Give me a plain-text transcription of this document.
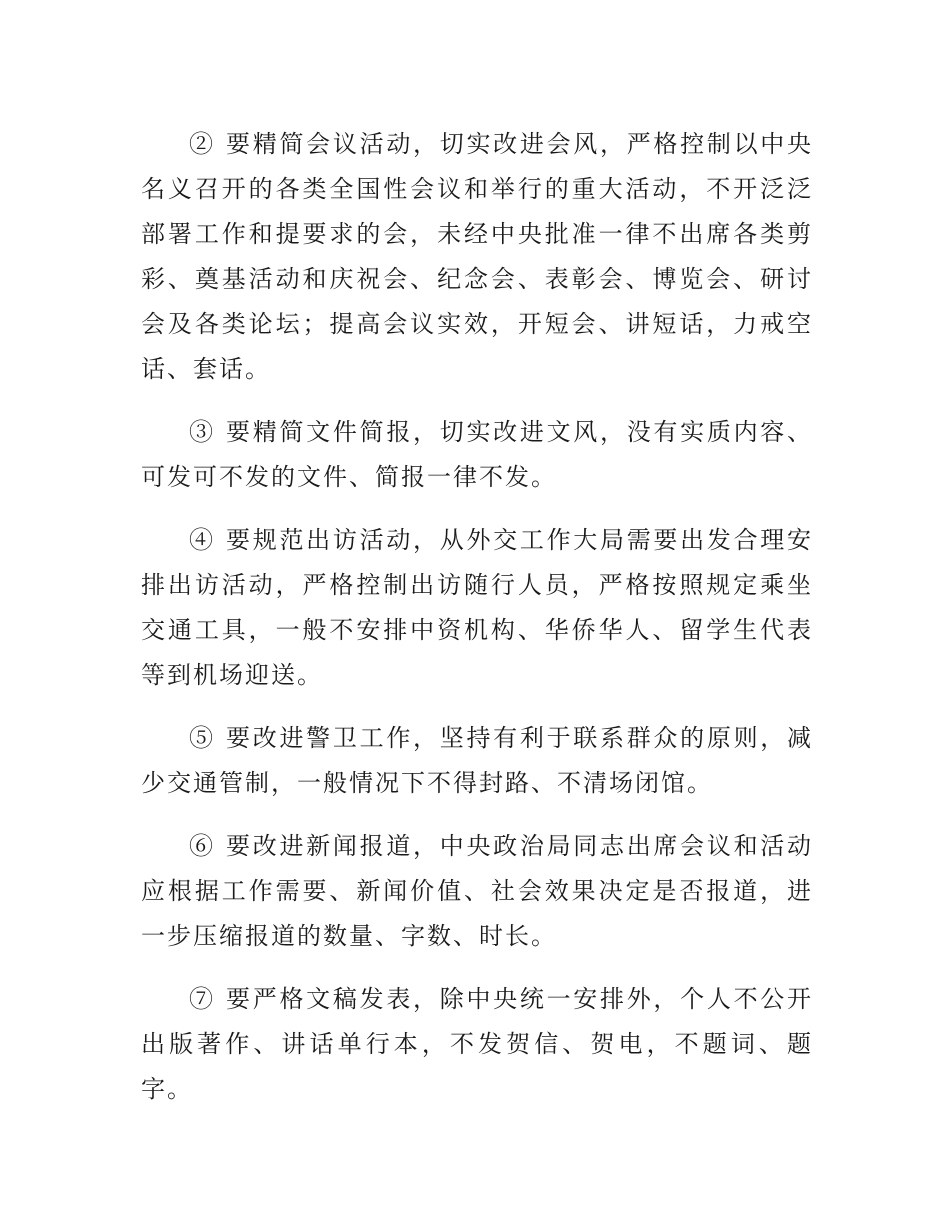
② 要精简会议活动，切实改进会风，严格控制以中央名义召开的各类全国性会议和举行的重大活动，不开泛泛部署工作和提要求的会，未经中央批准一律不出席各类剪彩、奠基活动和庆祝会、纪念会、表彰会、博览会、研讨会及各类论坛；提高会议实效，开短会、讲短话，力戒空话、套话。

③ 要精简文件简报，切实改进文风，没有实质内容、可发可不发的文件、简报一律不发。

④ 要规范出访活动，从外交工作大局需要出发合理安排出访活动，严格控制出访随行人员，严格按照规定乘坐交通工具，一般不安排中资机构、华侨华人、留学生代表等到机场迎送。

⑤ 要改进警卫工作，坚持有利于联系群众的原则，减少交通管制，一般情况下不得封路、不清场闭馆。

⑥ 要改进新闻报道，中央政治局同志出席会议和活动应根据工作需要、新闻价值、社会效果决定是否报道，进一步压缩报道的数量、字数、时长。

⑦ 要严格文稿发表，除中央统一安排外，个人不公开出版著作、讲话单行本，不发贺信、贺电，不题词、题字。
